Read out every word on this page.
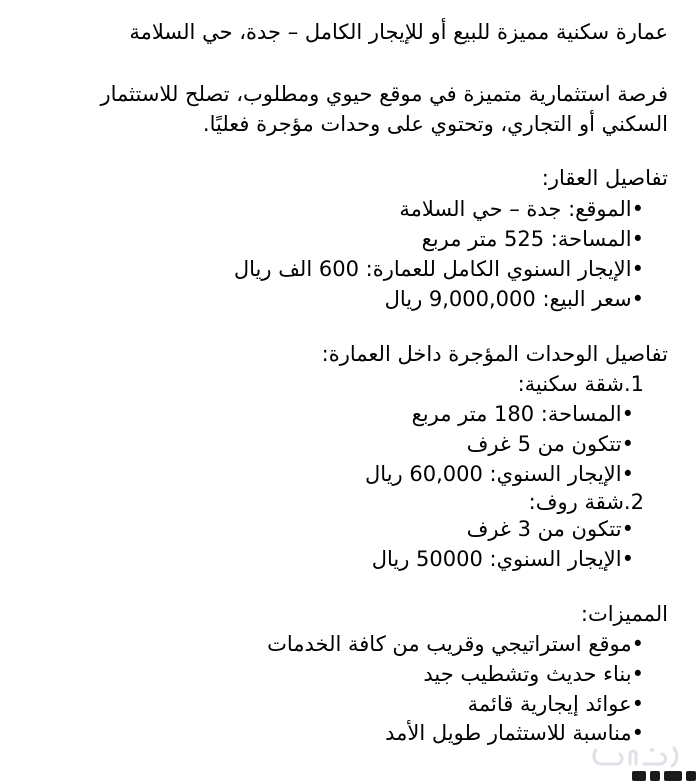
عمارة سكنية مميزة للبيع أو للإيجار الكامل – جدة، حي السلامة
فرصة استثمارية متميزة في موقع حيوي ومطلوب، تصلح للاستثمار
السكني أو التجاري، وتحتوي على وحدات مؤجرة فعليًا.
تفاصيل العقار:
•الموقع: جدة – حي السلامة
•المساحة: 525 متر مربع
•الإيجار السنوي الكامل للعمارة: 600 الف ريال
•سعر البيع: 9,000,000 ريال
تفاصيل الوحدات المؤجرة داخل العمارة:
1.شقة سكنية:
•المساحة: 180 متر مربع
•تتكون من 5 غرف
•الإيجار السنوي: 60,000 ريال
2.شقة روف:
•تتكون من 3 غرف
•الإيجار السنوي: 50000 ريال
المميزات:
•موقع استراتيجي وقريب من كافة الخدمات
•بناء حديث وتشطيب جيد
•عوائد إيجارية قائمة
•مناسبة للاستثمار طويل الأمد
